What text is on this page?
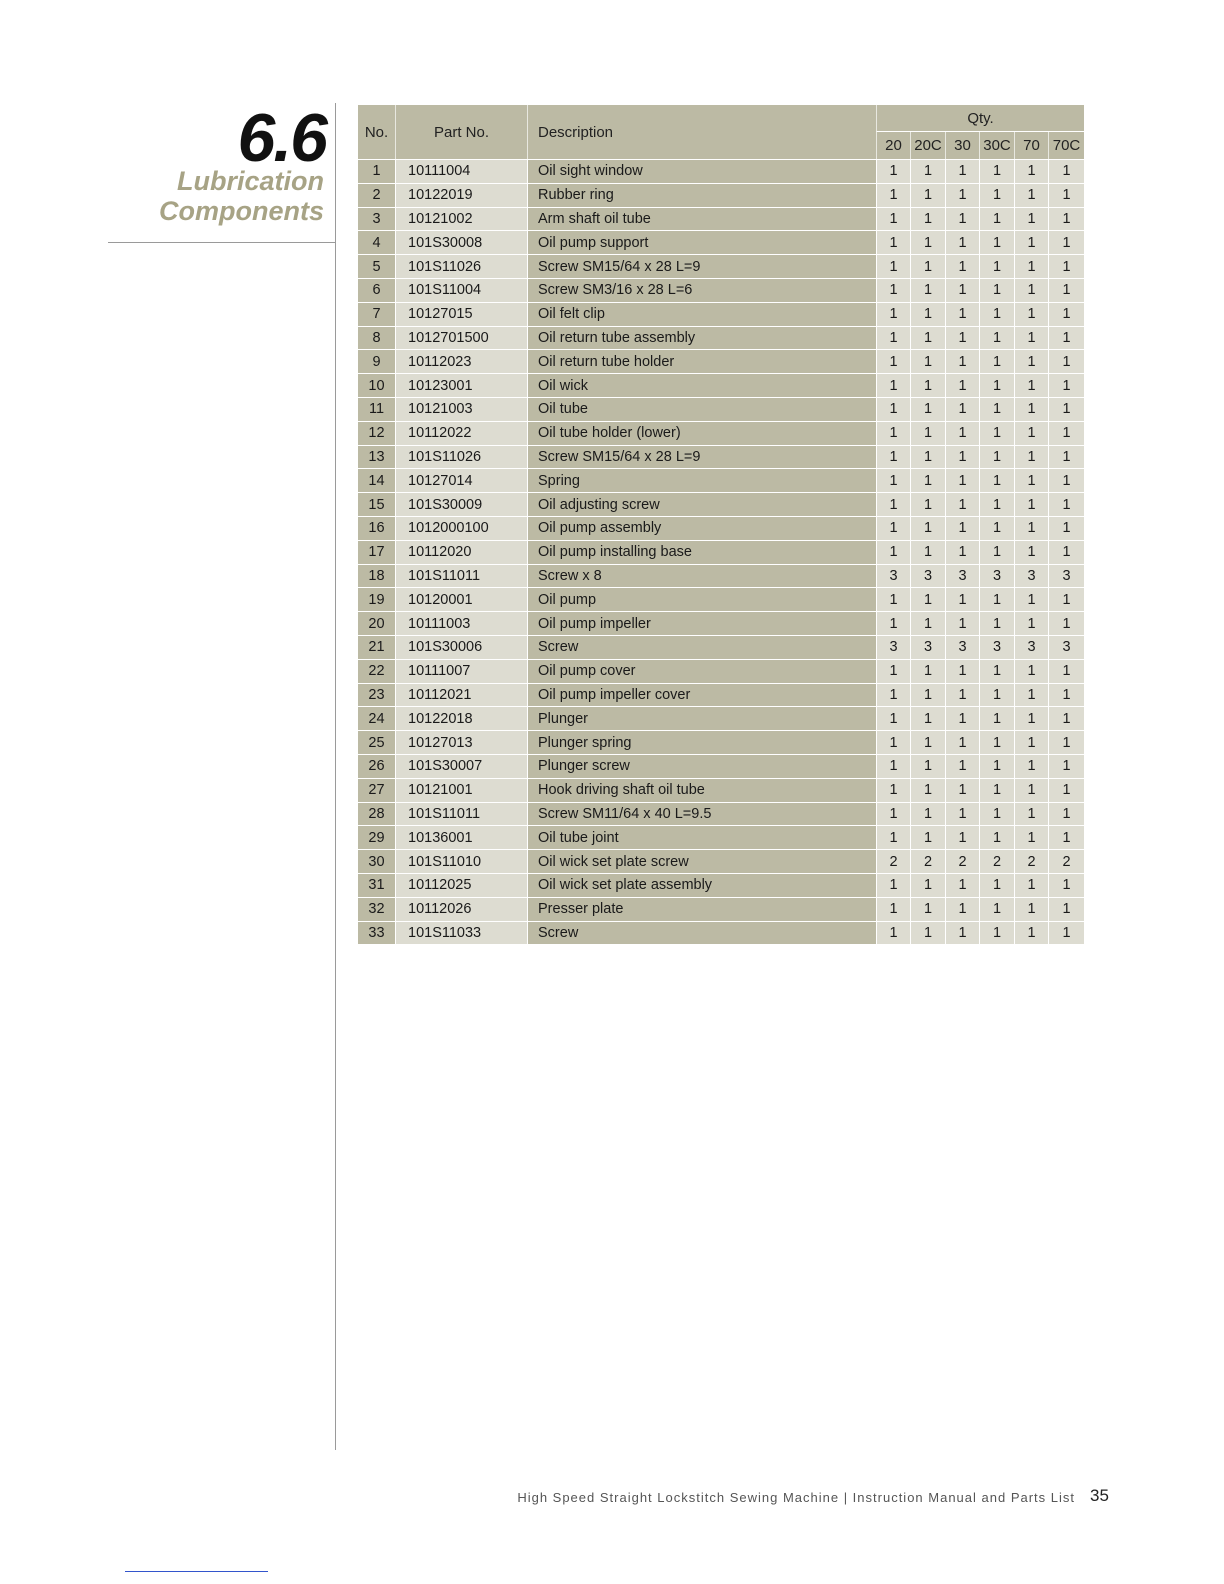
6.6
Lubrication
Components
No.	Part No.	Description	Qty.					
			20	20C	30	30C	70	70C
1	10111004	Oil sight window	1	1	1	1	1	1
2	10122019	Rubber ring	1	1	1	1	1	1
3	10121002	Arm shaft oil tube	1	1	1	1	1	1
4	101S30008	Oil pump support	1	1	1	1	1	1
5	101S11026	Screw SM15/64 x 28 L=9	1	1	1	1	1	1
6	101S11004	Screw SM3/16 x 28 L=6	1	1	1	1	1	1
7	10127015	Oil felt clip	1	1	1	1	1	1
8	1012701500	Oil return tube assembly	1	1	1	1	1	1
9	10112023	Oil return tube holder	1	1	1	1	1	1
10	10123001	Oil wick	1	1	1	1	1	1
11	10121003	Oil tube	1	1	1	1	1	1
12	10112022	Oil tube holder (lower)	1	1	1	1	1	1
13	101S11026	Screw SM15/64 x 28 L=9	1	1	1	1	1	1
14	10127014	Spring	1	1	1	1	1	1
15	101S30009	Oil adjusting screw	1	1	1	1	1	1
16	1012000100	Oil pump assembly	1	1	1	1	1	1
17	10112020	Oil pump installing base	1	1	1	1	1	1
18	101S11011	Screw x 8	3	3	3	3	3	3
19	10120001	Oil pump	1	1	1	1	1	1
20	10111003	Oil pump impeller	1	1	1	1	1	1
21	101S30006	Screw	3	3	3	3	3	3
22	10111007	Oil pump cover	1	1	1	1	1	1
23	10112021	Oil pump impeller cover	1	1	1	1	1	1
24	10122018	Plunger	1	1	1	1	1	1
25	10127013	Plunger spring	1	1	1	1	1	1
26	101S30007	Plunger screw	1	1	1	1	1	1
27	10121001	Hook driving shaft oil tube	1	1	1	1	1	1
28	101S11011	Screw SM11/64 x 40 L=9.5	1	1	1	1	1	1
29	10136001	Oil tube joint	1	1	1	1	1	1
30	101S11010	Oil wick set plate screw	2	2	2	2	2	2
31	10112025	Oil wick set plate assembly	1	1	1	1	1	1
32	10112026	Presser plate	1	1	1	1	1	1
33	101S11033	Screw	1	1	1	1	1	1
High Speed Straight Lockstitch Sewing Machine | Instruction Manual and Parts List 35
